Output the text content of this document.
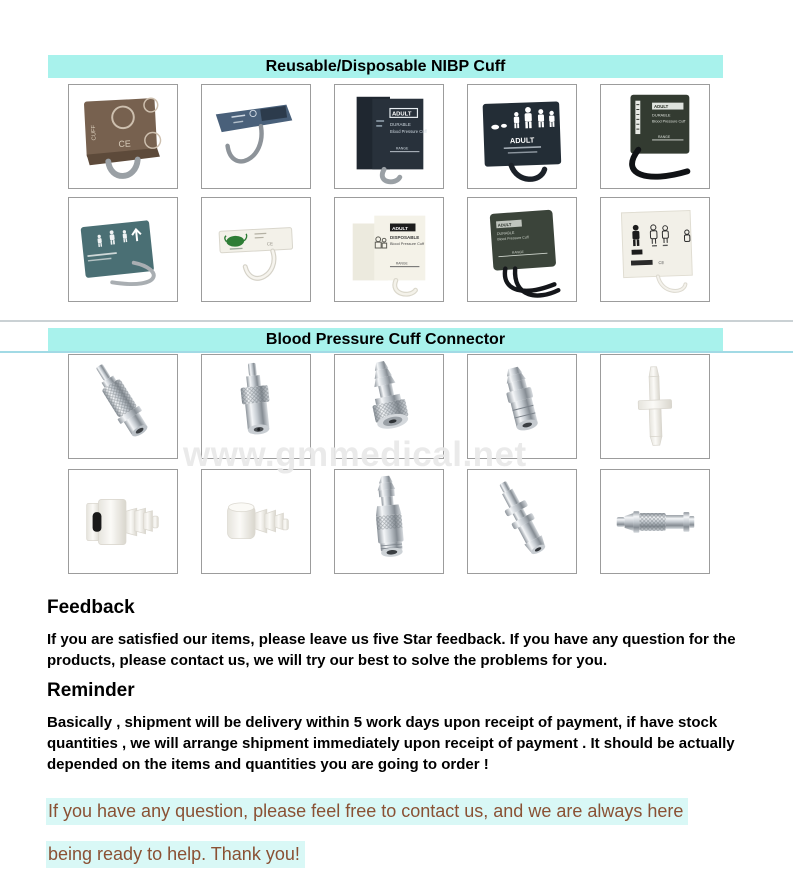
Reusable/Disposable NIBP Cuff
CUFF
CE
ADULT
DURABLE
Blood Pressure Cuff
RANGE
ADULT
ADULT
DURABLE
Blood Pressure Cuff
RANGE
CE
ADULT
DISPOSABLE
Blood Pressure Cuff
RANGE
ADULT
DURABLE
Blood Pressure Cuff
RANGE
CE
Blood Pressure Cuff Connector
www.gmmedical.net
Feedback

If you are satisfied our items, please leave us five Star feedback. If you have any question for the products, please contact us, we will try our best to solve the problems for you.

Reminder

Basically , shipment will be delivery within 5 work days upon receipt of payment, if have stock quantities , we will arrange shipment immediately upon receipt of payment . It should be actually depended on the items and quantities you are going to order !

If you have any question, please feel free to contact us, and we are always here

being ready to help. Thank you!
